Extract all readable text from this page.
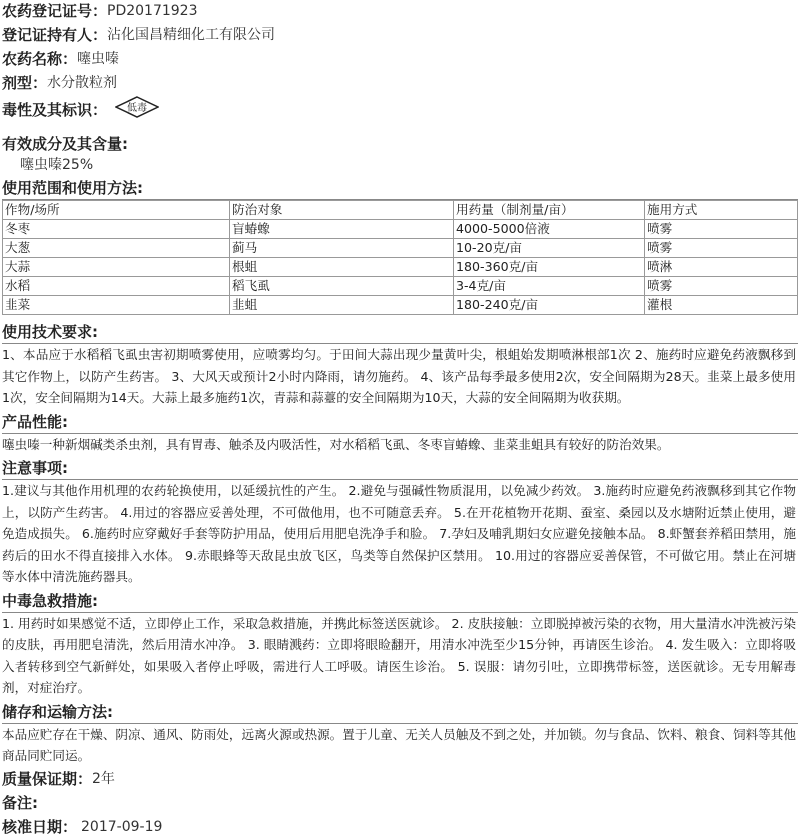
农药登记证号： PD20171923
登记证持有人： 沾化国昌精细化工有限公司
农药名称： 噻虫嗪
剂型： 水分散粒剂
毒性及其标识： 低毒
有效成分及其含量:
噻虫嗪25%
使用范围和使用方法:
作物/场所	防治对象	用药量（制剂量/亩）	施用方式
冬枣	盲蝽蟓	4000-5000倍液	喷雾
大葱	蓟马	10-20克/亩	喷雾
大蒜	根蛆	180-360克/亩	喷淋
水稻	稻飞虱	3-4克/亩	喷雾
韭菜	韭蛆	180-240克/亩	灌根
使用技术要求:

1、本品应于水稻稻飞虱虫害初期喷雾使用，应喷雾均匀。于田间大蒜出现少量黄叶尖，根蛆始发期喷淋根部1次 2、施药时应避免药液飘移到其它作物上，以防产生药害。 3、大风天或预计2小时内降雨，请勿施药。 4、该产品每季最多使用2次，安全间隔期为28天。韭菜上最多使用1次，安全间隔期为14天。大蒜上最多施药1次，青蒜和蒜薹的安全间隔期为10天，大蒜的安全间隔期为收获期。

产品性能:

噻虫嗪一种新烟碱类杀虫剂，具有胃毒、触杀及内吸活性，对水稻稻飞虱、冬枣盲蝽蟓、韭菜韭蛆具有较好的防治效果。

注意事项:

1.建议与其他作用机理的农药轮换使用，以延缓抗性的产生。 2.避免与强碱性物质混用，以免减少药效。 3.施药时应避免药液飘移到其它作物上，以防产生药害。 4.用过的容器应妥善处理，不可做他用，也不可随意丢弃。 5.在开花植物开花期、蚕室、桑园以及水塘附近禁止使用，避免造成损失。 6.施药时应穿戴好手套等防护用品，使用后用肥皂洗净手和脸。 7.孕妇及哺乳期妇女应避免接触本品。 8.虾蟹套养稻田禁用，施药后的田水不得直接排入水体。 9.赤眼蜂等天敌昆虫放飞区，鸟类等自然保护区禁用。 10.用过的容器应妥善保管，不可做它用。禁止在河塘等水体中清洗施药器具。

中毒急救措施:

1. 用药时如果感觉不适，立即停止工作，采取急救措施，并携此标签送医就诊。 2. 皮肤接触：立即脱掉被污染的衣物，用大量清水冲洗被污染的皮肤，再用肥皂清洗，然后用清水冲净。 3. 眼睛溅药：立即将眼睑翻开，用清水冲洗至少15分钟，再请医生诊治。 4. 发生吸入：立即将吸入者转移到空气新鲜处，如果吸入者停止呼吸，需进行人工呼吸。请医生诊治。 5. 误服：请勿引吐，立即携带标签，送医就诊。无专用解毒剂，对症治疗。

储存和运输方法:

本品应贮存在干燥、阴凉、通风、防雨处，远离火源或热源。置于儿童、无关人员触及不到之处，并加锁。勿与食品、饮料、粮食、饲料等其他商品同贮同运。

质量保证期： 2年
备注:
核准日期： 2017-09-19
